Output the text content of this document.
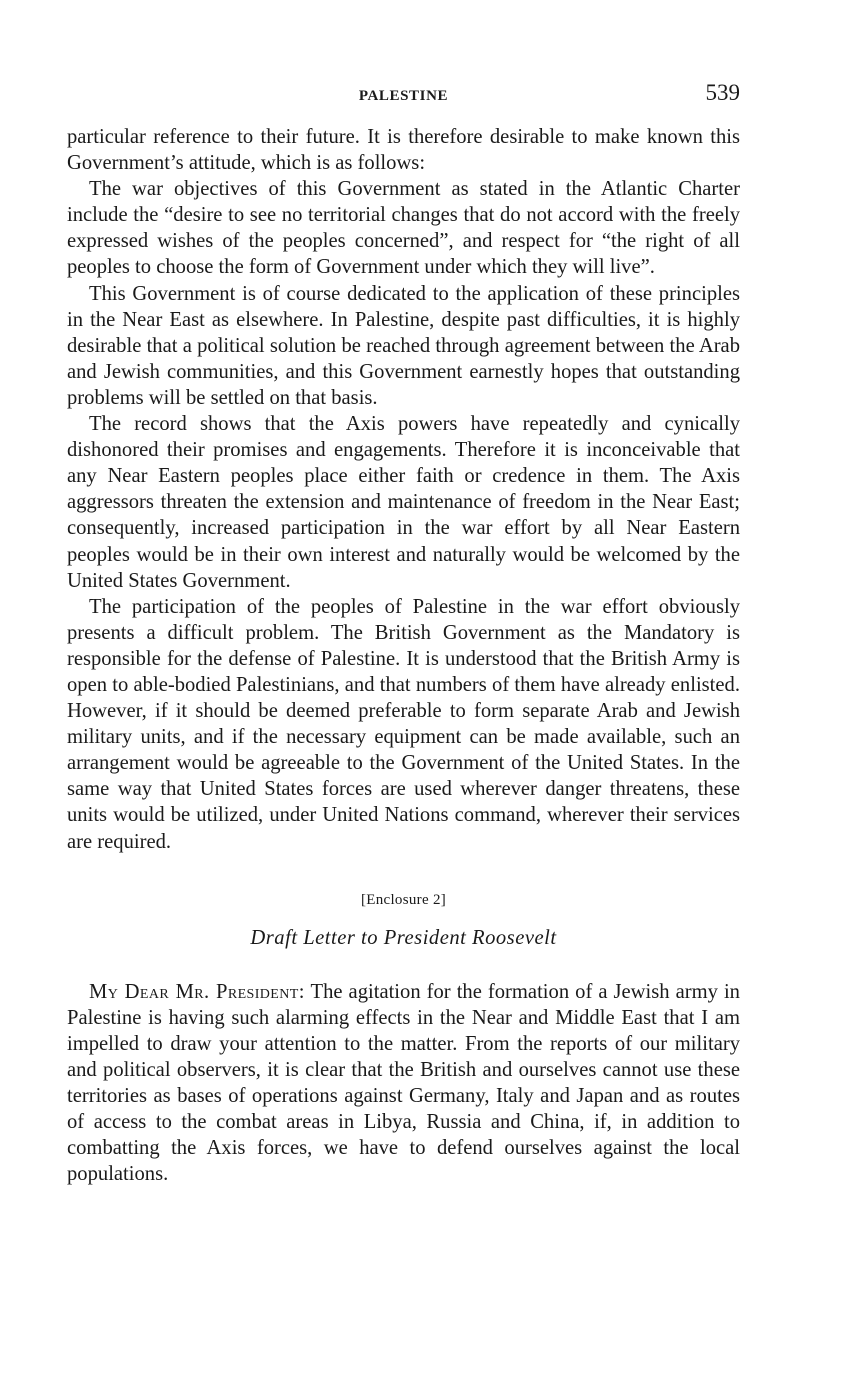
PALESTINE	539

particular reference to their future. It is therefore desirable to make known this Government’s attitude, which is as follows:

The war objectives of this Government as stated in the Atlantic Charter include the “desire to see no territorial changes that do not accord with the freely expressed wishes of the peoples concerned”, and respect for “the right of all peoples to choose the form of Government under which they will live”.

This Government is of course dedicated to the application of these principles in the Near East as elsewhere. In Palestine, despite past difficulties, it is highly desirable that a political solution be reached through agreement between the Arab and Jewish communities, and this Government earnestly hopes that outstanding problems will be settled on that basis.

The record shows that the Axis powers have repeatedly and cynically dishonored their promises and engagements. Therefore it is inconceivable that any Near Eastern peoples place either faith or credence in them. The Axis aggressors threaten the extension and maintenance of freedom in the Near East; consequently, increased participation in the war effort by all Near Eastern peoples would be in their own interest and naturally would be welcomed by the United States Government.

The participation of the peoples of Palestine in the war effort obviously presents a difficult problem. The British Government as the Mandatory is responsible for the defense of Palestine. It is understood that the British Army is open to able-bodied Palestinians, and that numbers of them have already enlisted. However, if it should be deemed preferable to form separate Arab and Jewish military units, and if the necessary equipment can be made available, such an arrangement would be agreeable to the Government of the United States. In the same way that United States forces are used wherever danger threatens, these units would be utilized, under United Nations command, wherever their services are required.

[Enclosure 2]
Draft Letter to President Roosevelt

My Dear Mr. President: The agitation for the formation of a Jewish army in Palestine is having such alarming effects in the Near and Middle East that I am impelled to draw your attention to the matter. From the reports of our military and political observers, it is clear that the British and ourselves cannot use these territories as bases of operations against Germany, Italy and Japan and as routes of access to the combat areas in Libya, Russia and China, if, in addition to combatting the Axis forces, we have to defend ourselves against the local populations.
